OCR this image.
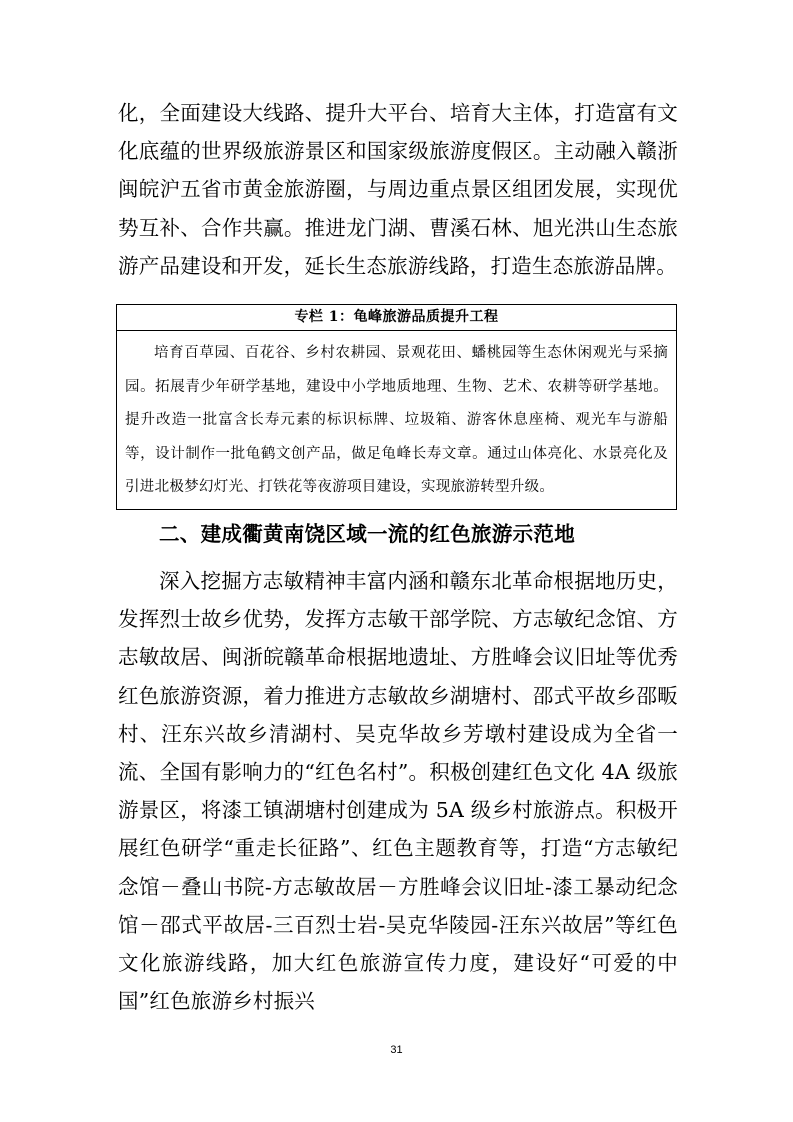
化，全面建设大线路、提升大平台、培育大主体，打造富有文化底蕴的世界级旅游景区和国家级旅游度假区。主动融入赣浙闽皖沪五省市黄金旅游圈，与周边重点景区组团发展，实现优势互补、合作共赢。推进龙门湖、曹溪石林、旭光洪山生态旅游产品建设和开发，延长生态旅游线路，打造生态旅游品牌。

专栏 1：龟峰旅游品质提升工程

培育百草园、百花谷、乡村农耕园、景观花田、蟠桃园等生态休闲观光与采摘园。拓展青少年研学基地，建设中小学地质地理、生物、艺术、农耕等研学基地。提升改造一批富含长寿元素的标识标牌、垃圾箱、游客休息座椅、观光车与游船等，设计制作一批龟鹤文创产品，做足龟峰长寿文章。通过山体亮化、水景亮化及引进北极梦幻灯光、打铁花等夜游项目建设，实现旅游转型升级。

二、建成衢黄南饶区域一流的红色旅游示范地

深入挖掘方志敏精神丰富内涵和赣东北革命根据地历史，发挥烈士故乡优势，发挥方志敏干部学院、方志敏纪念馆、方志敏故居、闽浙皖赣革命根据地遗址、方胜峰会议旧址等优秀红色旅游资源，着力推进方志敏故乡湖塘村、邵式平故乡邵畈村、汪东兴故乡清湖村、吴克华故乡芳墩村建设成为全省一流、全国有影响力的“红色名村”。积极创建红色文化 4A 级旅游景区，将漆工镇湖塘村创建成为 5A 级乡村旅游点。积极开展红色研学“重走长征路”、红色主题教育等，打造“方志敏纪念馆－叠山书院-方志敏故居－方胜峰会议旧址-漆工暴动纪念馆－邵式平故居-三百烈士岩-吴克华陵园-汪东兴故居”等红色文化旅游线路，加大红色旅游宣传力度，建设好“可爱的中国”红色旅游乡村振兴

31
